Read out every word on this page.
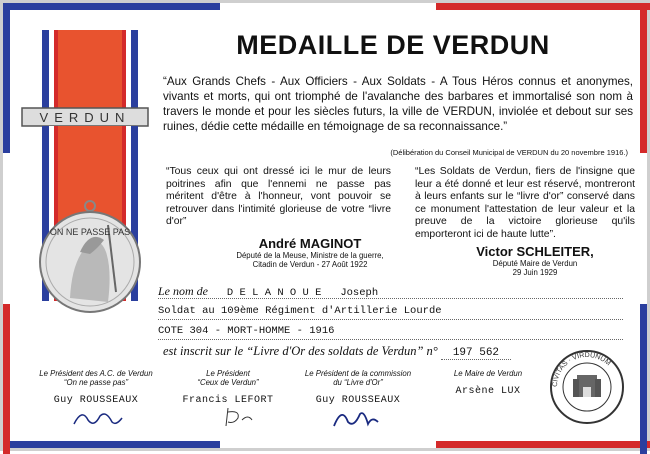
VERDUN
ON NE PASSE PAS
MEDAILLE DE VERDUN
“Aux Grands Chefs - Aux Officiers - Aux Soldats - A Tous Héros connus et anonymes, vivants et morts, qui ont triomphé de l'avalanche des barbares et immortalisé son nom à travers le monde et pour les siècles futurs, la ville de VERDUN, inviolée et debout sur ses ruines, dédie cette médaille en témoignage de sa reconnaissance.”
(Délibération du Conseil Municipal de VERDUN du 20 novembre 1916.)
“Tous ceux qui ont dressé ici le mur de leurs poitrines afin que l'ennemi ne passe pas méritent d'être à l'honneur, vont pouvoir se retrouver dans l'intimité glorieuse de votre “livre d'or”
“Les Soldats de Verdun, fiers de l'insigne que leur a été donné et leur est réservé, montreront à leurs enfants sur le “livre d'or” conservé dans ce monument l'attestation de leur valeur et la preuve de la victoire glorieuse qu'ils emporteront ici de haute lutte”.
André MAGINOT
Député de la Meuse, Ministre de la guerre,
Citadin de Verdun - 27 Août 1922
Victor SCHLEITER,
Député Maire de Verdun
29 Juin 1929
Le nom de D E L A N O U E   Joseph
Soldat au 109ème Régiment d'Artillerie Lourde
COTE 304 - MORT-HOMME - 1916
est inscrit sur le “Livre d'Or des soldats de Verdun” n° 197 562
Le Président des A.C. de Verdun
“On ne passe pas”
Guy ROUSSEAUX
Le Président
“Ceux de Verdun”
Francis LEFORT
Le Président de la commission
du “Livre d'Or”
Guy ROUSSEAUX
Le Maire de Verdun
Arsène LUX
CIVITAS · VIRDUNUM
